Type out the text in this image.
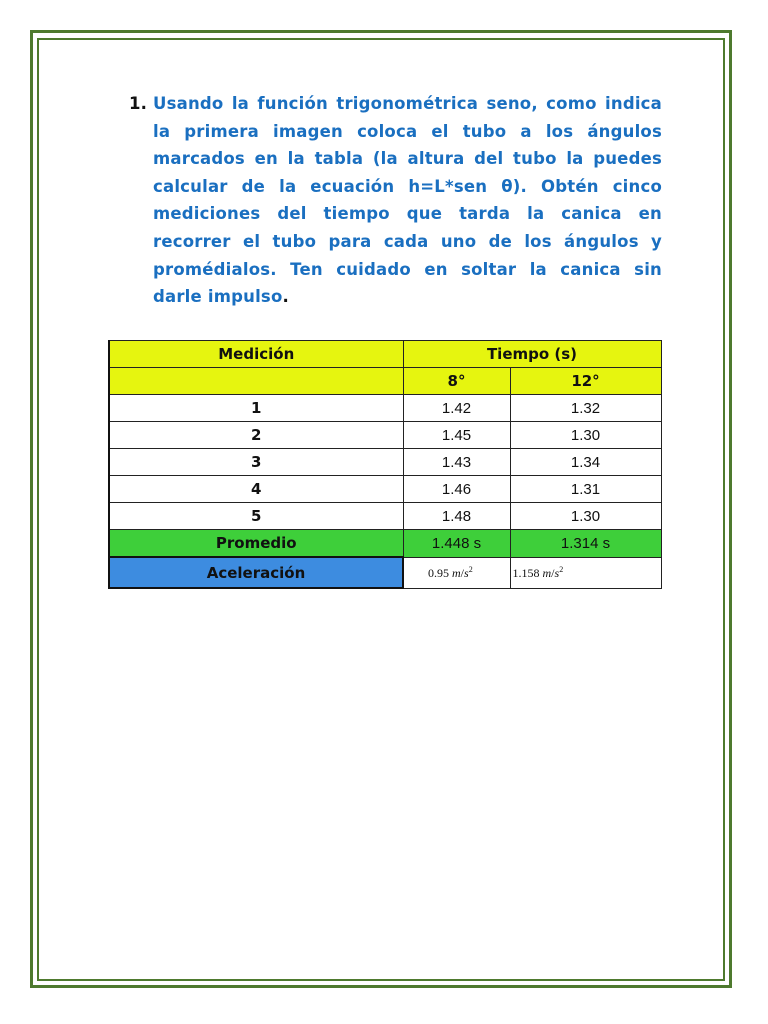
1. Usando la función trigonométrica seno, como indica
la primera imagen coloca el tubo a los ángulos
marcados en la tabla (la altura del tubo la puedes
calcular de la ecuación h=L*sen θ). Obtén cinco
mediciones del tiempo que tarda la canica en
recorrer el tubo para cada uno de los ángulos y
promédialos. Ten cuidado en soltar la canica sin
darle impulso.
Medición	Tiempo (s)	
	8°	12°
1	1.42	1.32
2	1.45	1.30
3	1.43	1.34
4	1.46	1.31
5	1.48	1.30
Promedio	1.448 s	1.314 s
Aceleración	0.95 $m/s^2$	1.158 $m/s^2$
